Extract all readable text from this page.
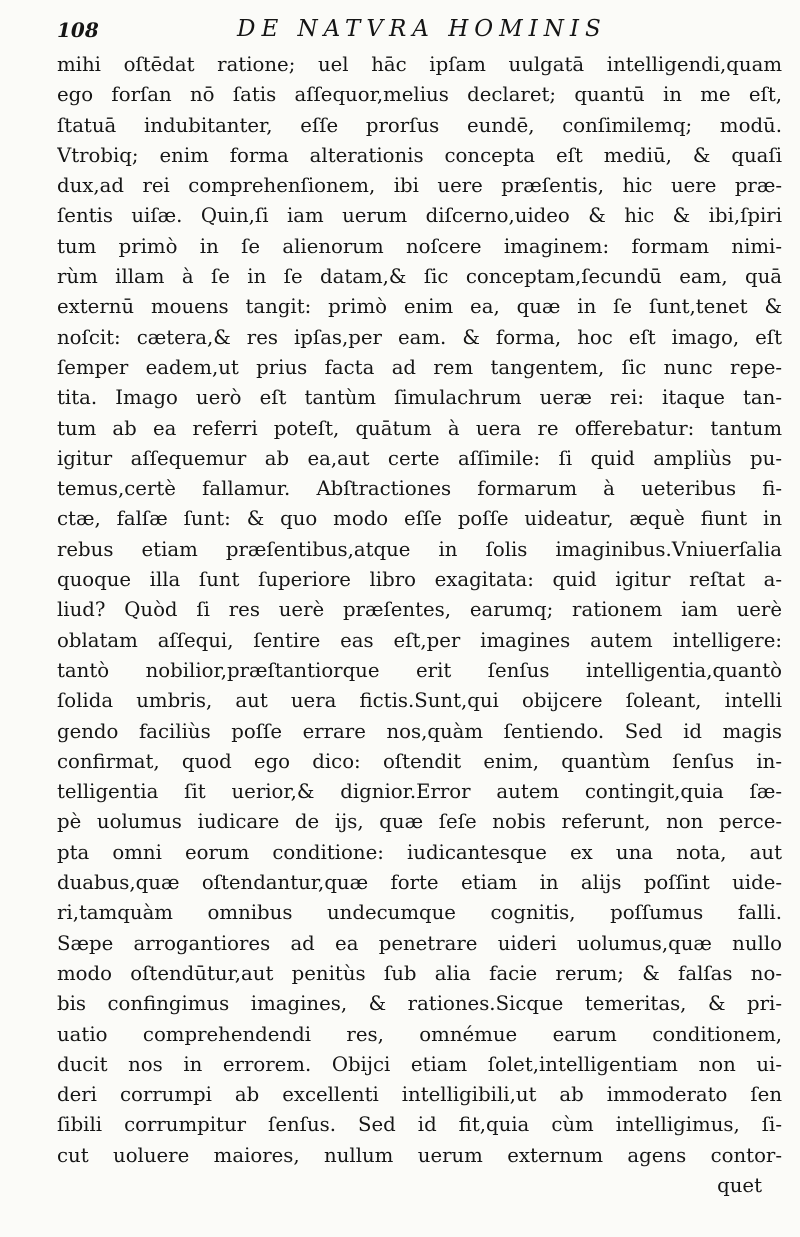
108	DE NATVRA HOMINIS
mihi oſtēdat ratione; uel hāc ipſam uulgatā intelligendi,quam
ego forſan nō ſatis aſſequor,melius declaret; quantū in me eſt,
ſtatuā indubitanter, eſſe prorſus eundē, conſimilemq; modū.
Vtrobiq; enim forma alterationis concepta eſt mediū, & quaſi
dux,ad rei comprehenſionem, ibi uere præſentis, hic uere præ-
ſentis uiſæ. Quin,ſi iam uerum diſcerno,uideo & hic & ibi,ſpiri
tum primò in ſe alienorum noſcere imaginem: formam nimi-
rùm illam à ſe in ſe datam,& ſic conceptam,ſecundū eam, quā
externū mouens tangit: primò enim ea, quæ in ſe ſunt,tenet &
noſcit: cætera,& res ipſas,per eam. & forma, hoc eſt imago, eſt
ſemper eadem,ut prius facta ad rem tangentem, ſic nunc repe-
tita. Imago uerò eſt tantùm ſimulachrum ueræ rei: itaque tan-
tum ab ea referri poteſt, quātum à uera re offerebatur: tantum
igitur aſſequemur ab ea,aut certe aſſimile: ſi quid ampliùs pu-
temus,certè fallamur. Abſtractiones formarum à ueteribus fi-
ctæ, falſæ ſunt: & quo modo eſſe poſſe uideatur, æquè fiunt in
rebus etiam præſentibus,atque in ſolis imaginibus.Vniuerſalia
quoque illa ſunt ſuperiore libro exagitata: quid igitur reſtat a-
liud? Quòd ſi res uerè præſentes, earumq; rationem iam uerè
oblatam aſſequi, ſentire eas eſt,per imagines autem intelligere:
tantò nobilior,præſtantiorque erit ſenſus intelligentia,quantò
ſolida umbris, aut uera fictis.Sunt,qui obijcere ſoleant, intelli
gendo faciliùs poſſe errare nos,quàm ſentiendo. Sed id magis
confirmat, quod ego dico: oſtendit enim, quantùm ſenſus in-
telligentia ſit uerior,& dignior.Error autem contingit,quia ſæ-
pè uolumus iudicare de ijs, quæ ſeſe nobis referunt, non perce-
pta omni eorum conditione: iudicantesque ex una nota, aut
duabus,quæ oſtendantur,quæ forte etiam in alijs poſſint uide-
ri,tamquàm omnibus undecumque cognitis, poſſumus falli.
Sæpe arrogantiores ad ea penetrare uideri uolumus,quæ nullo
modo oſtendūtur,aut penitùs ſub alia facie rerum; & falſas no-
bis confingimus imagines, & rationes.Sicque temeritas, & pri-
uatio comprehendendi res, omnémue earum conditionem,
ducit nos in errorem. Obijci etiam ſolet,intelligentiam non ui-
deri corrumpi ab excellenti intelligibili,ut ab immoderato ſen
ſibili corrumpitur ſenſus. Sed id fit,quia cùm intelligimus, ſi-
cut uoluere maiores, nullum uerum externum agens contor-
quet
